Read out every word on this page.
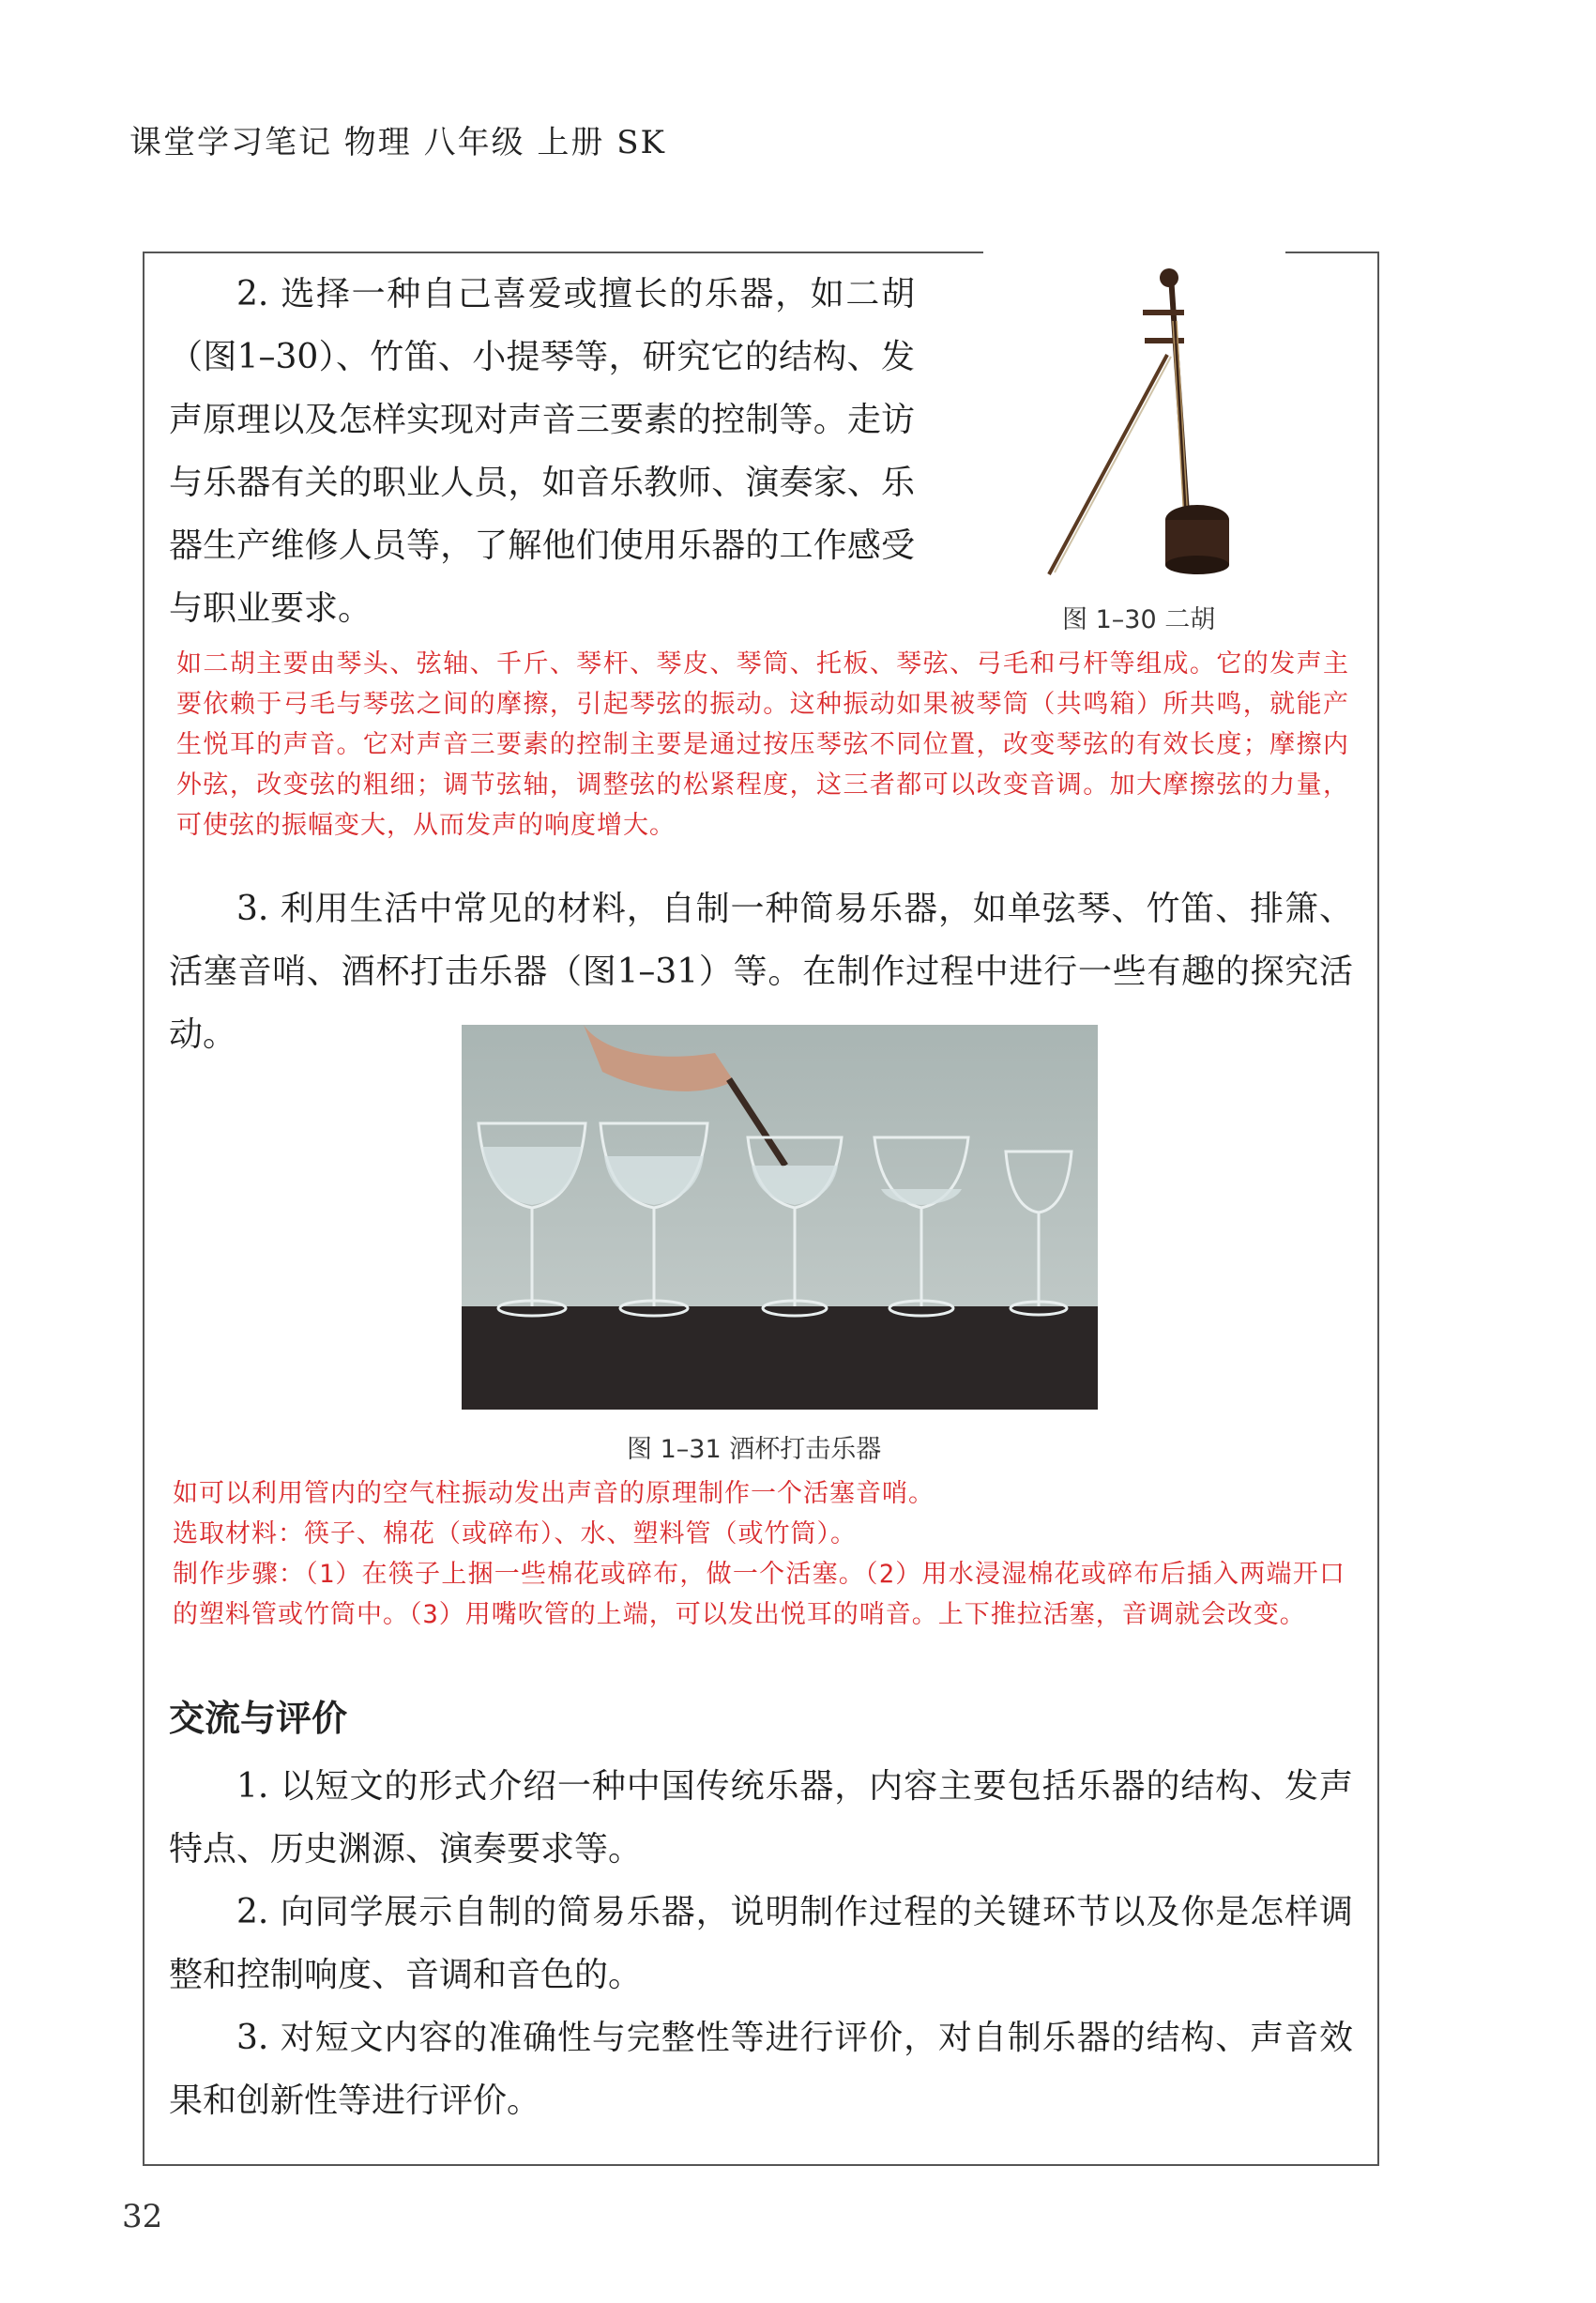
课堂学习笔记 物理 八年级 上册 SK

2. 选择一种自己喜爱或擅长的乐器，如二胡（图1–30）、竹笛、小提琴等，研究它的结构、发声原理以及怎样实现对声音三要素的控制等。走访与乐器有关的职业人员，如音乐教师、演奏家、乐器生产维修人员等，了解他们使用乐器的工作感受与职业要求。	图 1–30 二胡

如二胡主要由琴头、弦轴、千斤、琴杆、琴皮、琴筒、托板、琴弦、弓毛和弓杆等组成。它的发声主要依赖于弓毛与琴弦之间的摩擦，引起琴弦的振动。这种振动如果被琴筒（共鸣箱）所共鸣，就能产生悦耳的声音。它对声音三要素的控制主要是通过按压琴弦不同位置，改变琴弦的有效长度；摩擦内外弦，改变弦的粗细；调节弦轴，调整弦的松紧程度，这三者都可以改变音调。加大摩擦弦的力量，可使弦的振幅变大，从而发声的响度增大。

3. 利用生活中常见的材料，自制一种简易乐器，如单弦琴、竹笛、排箫、活塞音哨、酒杯打击乐器（图1–31）等。在制作过程中进行一些有趣的探究活动。

图 1–31 酒杯打击乐器

如可以利用管内的空气柱振动发出声音的原理制作一个活塞音哨。

选取材料：筷子、棉花（或碎布）、水、塑料管（或竹筒）。

制作步骤：（1）在筷子上捆一些棉花或碎布，做一个活塞。（2）用水浸湿棉花或碎布后插入两端开口的塑料管或竹筒中。（3）用嘴吹管的上端，可以发出悦耳的哨音。上下推拉活塞，音调就会改变。

交流与评价

1. 以短文的形式介绍一种中国传统乐器，内容主要包括乐器的结构、发声特点、历史渊源、演奏要求等。

2. 向同学展示自制的简易乐器，说明制作过程的关键环节以及你是怎样调整和控制响度、音调和音色的。

3. 对短文内容的准确性与完整性等进行评价，对自制乐器的结构、声音效果和创新性等进行评价。

32
